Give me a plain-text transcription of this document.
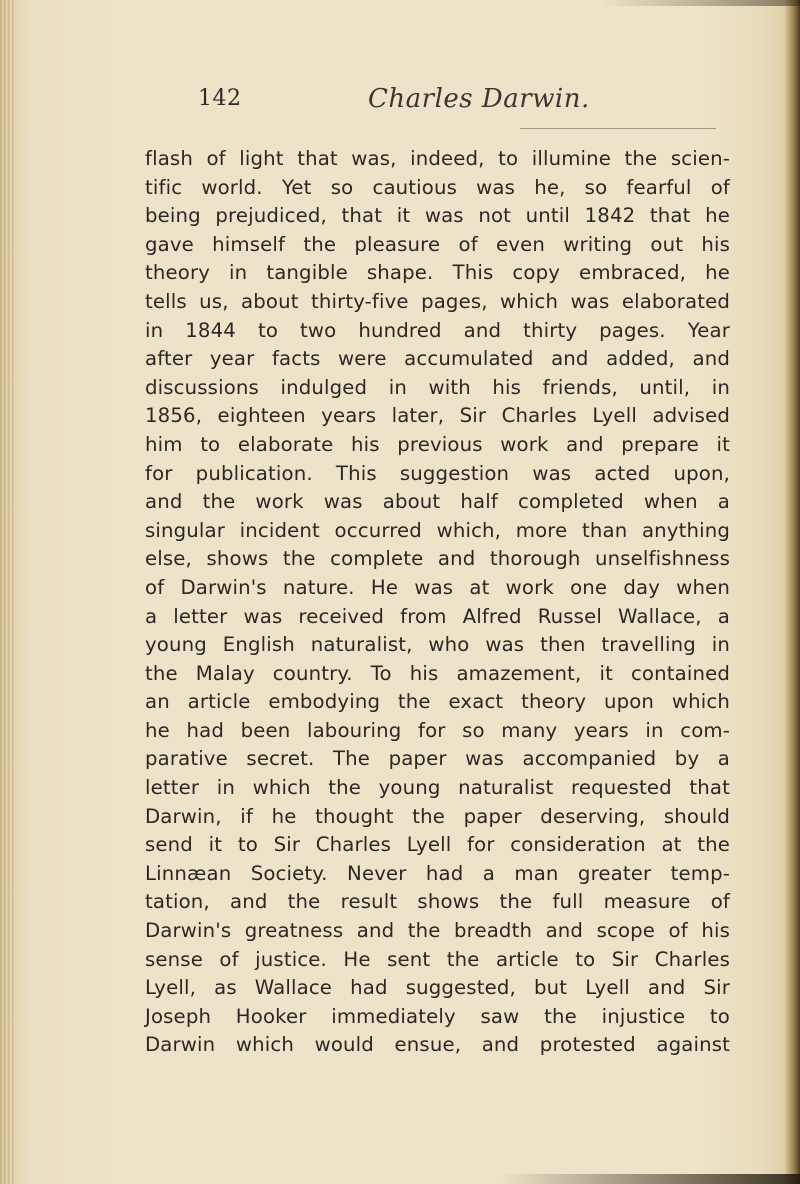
142	Charles Darwin.
flash of light that was, indeed, to illumine the scien-
tific world. Yet so cautious was he, so fearful of
being prejudiced, that it was not until 1842 that he
gave himself the pleasure of even writing out his
theory in tangible shape. This copy embraced, he
tells us, about thirty-five pages, which was elaborated
in 1844 to two hundred and thirty pages. Year
after year facts were accumulated and added, and
discussions indulged in with his friends, until, in
1856, eighteen years later, Sir Charles Lyell advised
him to elaborate his previous work and prepare it
for publication. This suggestion was acted upon,
and the work was about half completed when a
singular incident occurred which, more than anything
else, shows the complete and thorough unselfishness
of Darwin's nature. He was at work one day when
a letter was received from Alfred Russel Wallace, a
young English naturalist, who was then travelling in
the Malay country. To his amazement, it contained
an article embodying the exact theory upon which
he had been labouring for so many years in com-
parative secret. The paper was accompanied by a
letter in which the young naturalist requested that
Darwin, if he thought the paper deserving, should
send it to Sir Charles Lyell for consideration at the
Linnæan Society. Never had a man greater temp-
tation, and the result shows the full measure of
Darwin's greatness and the breadth and scope of his
sense of justice. He sent the article to Sir Charles
Lyell, as Wallace had suggested, but Lyell and Sir
Joseph Hooker immediately saw the injustice to
Darwin which would ensue, and protested against
